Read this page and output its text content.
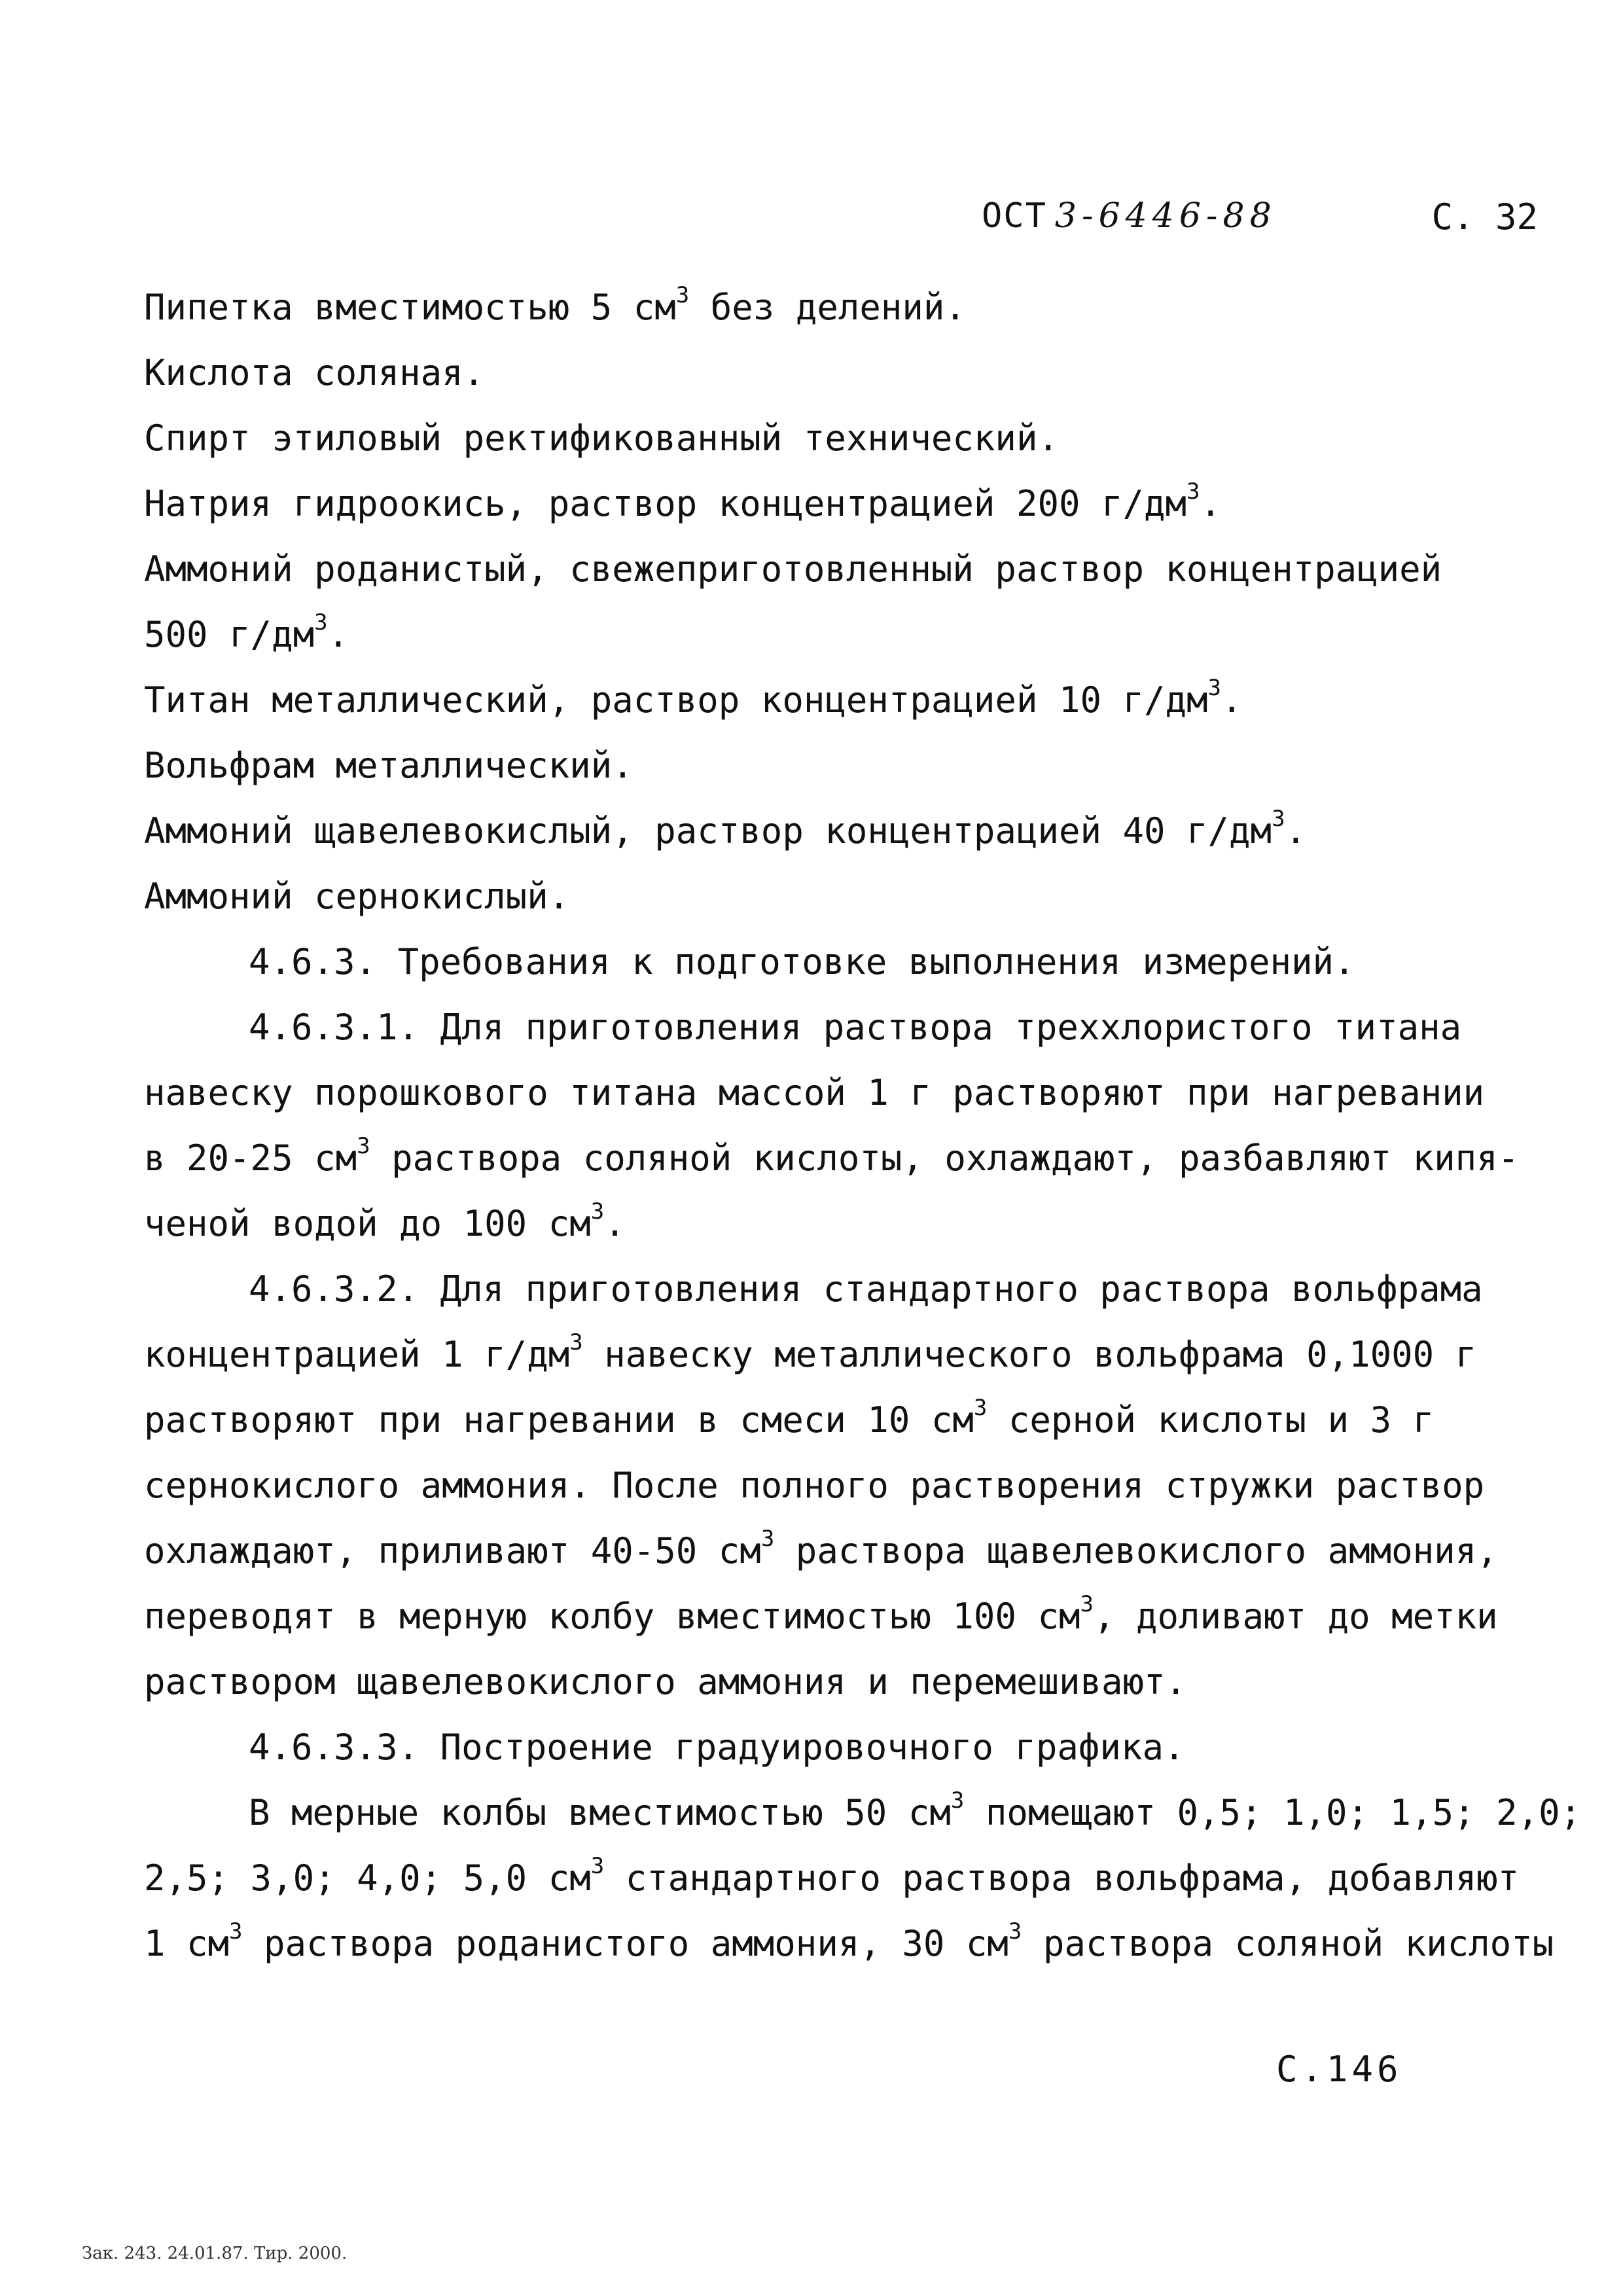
ОСТ 3-6446-88	С. 32
Пипетка вместимостью 5 $см^3$ без делений.
Кислота соляная.
Спирт этиловый ректификованный технический.
Натрия гидроокись, раствор концентрацией 200 $г/дм^3$.
Аммоний роданистый, свежеприготовленный раствор концентрацией
500 $г/дм^3$.
Титан металлический, раствор концентрацией 10 $г/дм^3$.
Вольфрам металлический.
Аммоний щавелевокислый, раствор концентрацией 40 $г/дм^3$.
Аммоний сернокислый.
4.6.3. Требования к подготовке выполнения измерений.
4.6.3.1. Для приготовления раствора треххлористого титана
навеску порошкового титана массой 1 г растворяют при нагревании
в 20-25 $см^3$ раствора соляной кислоты, охлаждают, разбавляют кипя-
ченой водой до 100 $см^3$.
4.6.3.2. Для приготовления стандартного раствора вольфрама
концентрацией 1 $г/дм^3$ навеску металлического вольфрама 0,1000 г
растворяют при нагревании в смеси 10 $см^3$ серной кислоты и 3 г
сернокислого аммония. После полного растворения стружки раствор
охлаждают, приливают 40-50 $см^3$ раствора щавелевокислого аммония,
переводят в мерную колбу вместимостью 100 $см^3$, доливают до метки
раствором щавелевокислого аммония и перемешивают.
4.6.3.3. Построение градуировочного графика.
В мерные колбы вместимостью 50 $см^3$ помещают 0,5; 1,0; 1,5; 2,0;
2,5; 3,0; 4,0; 5,0 $см^3$ стандартного раствора вольфрама, добавляют
1 $см^3$ раствора роданистого аммония, 30 $см^3$ раствора соляной кислоты
С.146
Зак. 243. 24.01.87. Тир. 2000.
